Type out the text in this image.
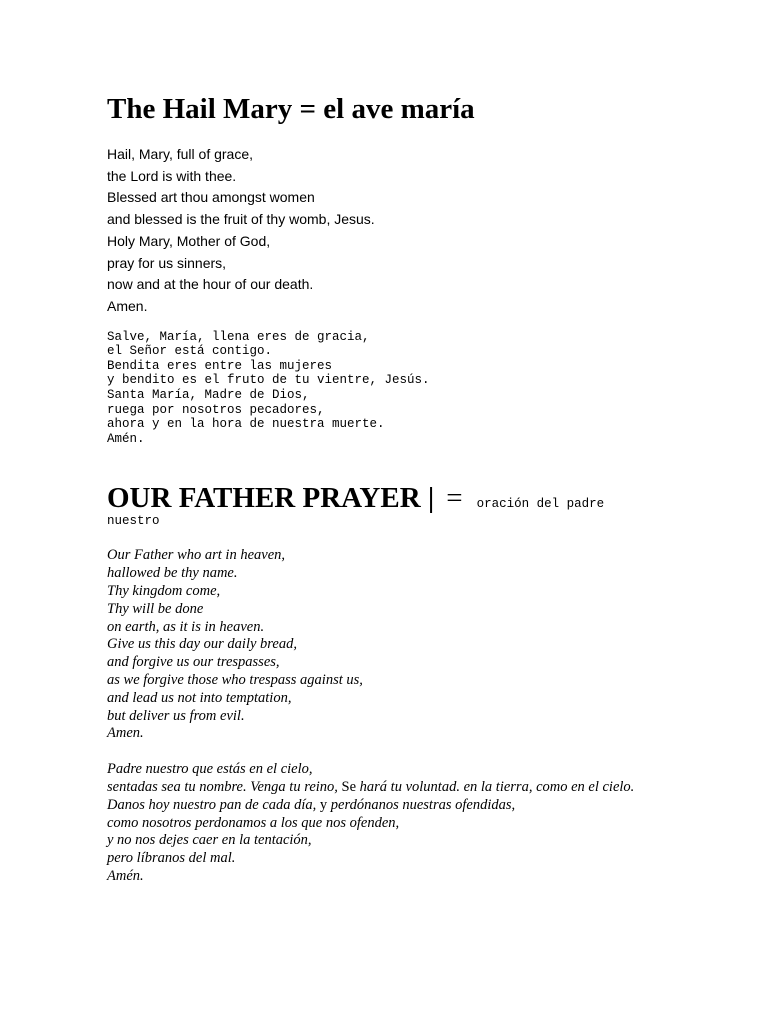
The Hail Mary = el ave maría
Hail, Mary, full of grace,
the Lord is with thee.
Blessed art thou amongst women
and blessed is the fruit of thy womb, Jesus.
Holy Mary, Mother of God,
pray for us sinners,
now and at the hour of our death.
Amen.
Salve, María, llena eres de gracia,
el Señor está contigo.
Bendita eres entre las mujeres
y bendito es el fruto de tu vientre, Jesús.
Santa María, Madre de Dios,
ruega por nosotros pecadores,
ahora y en la hora de nuestra muerte.
Amén.
OUR FATHER PRAYER | = oración del padre
nuestro
Our Father who art in heaven,
hallowed be thy name.
Thy kingdom come,
Thy will be done
on earth, as it is in heaven.
Give us this day our daily bread,
and forgive us our trespasses,
as we forgive those who trespass against us,
and lead us not into temptation,
but deliver us from evil.
Amen.
Padre nuestro que estás en el cielo,
sentadas sea tu nombre. Venga tu reino, Se hará tu voluntad. en la tierra, como en el cielo. Danos hoy nuestro pan de cada día, y perdónanos nuestras ofendidas,
como nosotros perdonamos a los que nos ofenden,
y no nos dejes caer en la tentación,
pero líbranos del mal.
Amén.
